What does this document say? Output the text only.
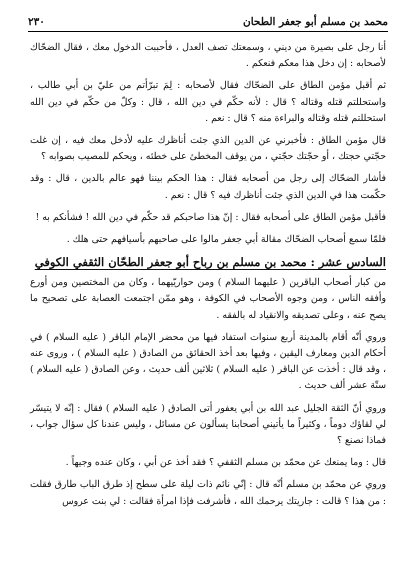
محمد بن مسلم أبو جعفر الطحان
٢٣٠

أنا رجل على بصيرة من ديني ، وسمعتك تصف العدل ، فأحببت الدخول معك ، فقال الضحّاك لأصحابه : إن دخل هذا معكم فنعكم .

ثم أقبل مؤمن الطاق على الضحّاك فقال لأصحابه : لِمَ تبرّأتم من عليّ بن أبي طالب ، واستحللتم قتله وقتاله ؟ قال : لأنه حكّم في دين الله ، قال : وكلّ من حكّم في دين الله استحللتم قتله وقتاله والبراءة منه ؟ قال : نعم .

قال مؤمن الطاق : فأخبرني عن الدين الذي جئت أناظرك عليه لأدخل معك فيه ، إن غلت حجّتي حجتك ، أو حجّتك حجّتي ، من يوقف المخطئ على خطئه ، ويحكم للمصيب بصوابه ؟

فأشار الضحّاك إلى رجل من أصحابه فقال : هذا الحكم بيننا فهو عالم بالدين ، قال : وقد حكّمت هذا في الدين الذي جئت أناظرك فيه ؟ قال : نعم .

فأقبل مؤمن الطاق على أصحابه فقال : إنّ هذا صاحبكم قد حكّم في دين الله ! فشأنكم به !

فلمّا سمع أصحاب الضحّاك مقالة أبي جعفر مالوا على صاحبهم بأسيافهم حتى هلك .

السادس عشر : محمد بن مسلم بن رباح أبو جعفر الطحّان الثقفي الكوفي

من كبار أصحاب الباقرين ( عليهما السلام ) ومن حواريّيهما ، وكان من المختصين ومن أورع وأفقه الناس ، ومن وجوه الأصحاب في الكوفة ، وهو ممّن اجتمعت العصابة على تصحيح ما يصح عنه ، وعلى تصديقه والانقياد له بالفقه .

وروي أنّه أقام بالمدينة أربع سنوات استفاد فيها من محضر الإمام الباقر ( عليه السلام ) في أحكام الدين ومعارف اليقين ، وفيها بعد أخذ الحقائق من الصادق ( عليه السلام ) ، وروى عنه ، وقد قال : أخذت عن الباقر ( عليه السلام ) ثلاثين ألف حديث ، وعن الصادق ( عليه السلام ) ستّة عشر ألف حديث .

وروي أنّ الثقة الجليل عبد الله بن أبي يعفور أتى الصادق ( عليه السلام ) فقال : إنّه لا يتيسّر لي لقاؤك دوماً ، وكثيراً ما يأتيني أصحابنا يسألون عن مسائل ، وليس عندنا كل سؤال جواب ، فماذا نصنع ؟

قال : وما يمنعك عن محمّد بن مسلم الثقفي ؟ فقد أخذ عن أبي ، وكان عنده وجيهاً .

وروي عن محمّد بن مسلم أنّه قال : إنّي نائم ذات ليلة على سطح إذ طرق الباب طارق فقلت : من هذا ؟ قالت : جاريتك يرحمك الله ، فأشرفت فإذا امرأة فقالت : لي بنت عروس
